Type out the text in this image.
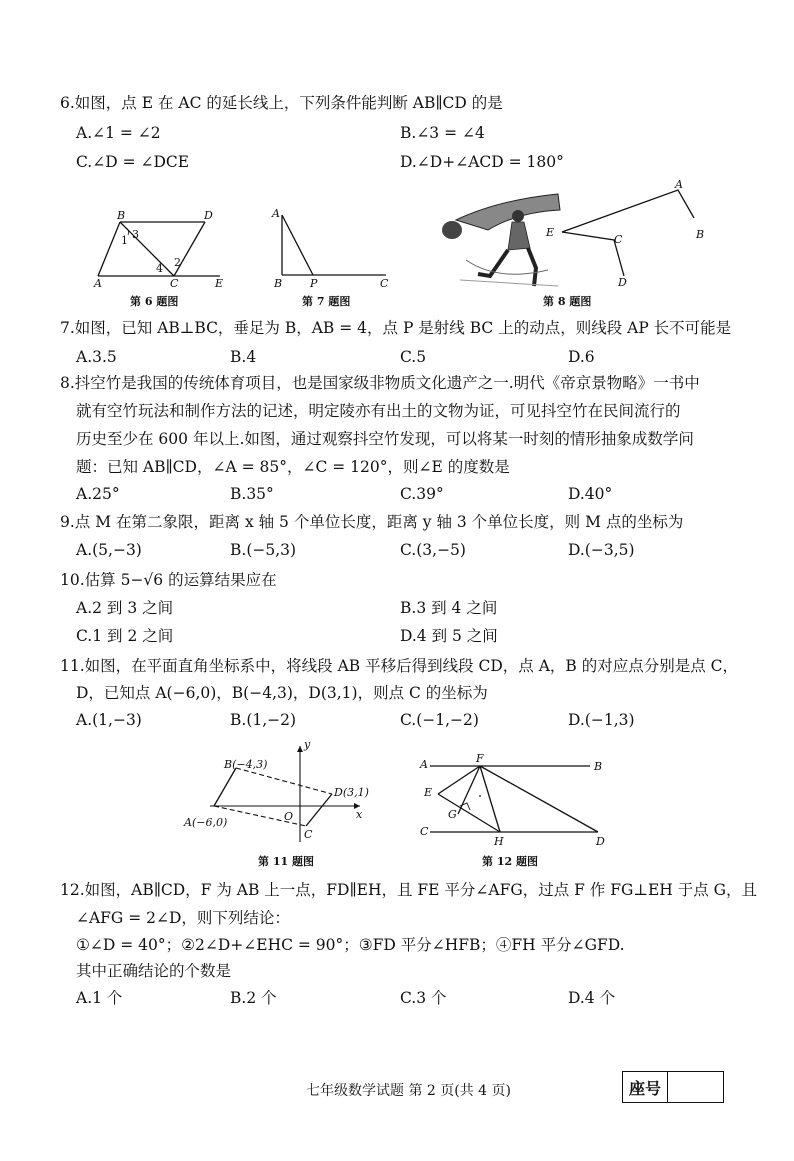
6.如图，点 E 在 AC 的延长线上，下列条件能判断 AB∥CD 的是
A.∠1 = ∠2	B.∠3 = ∠4
C.∠D = ∠DCE	D.∠D+∠ACD = 180°
B	D
A	C	E
1 3
2
4
第 6 题图
A
B	P	C
第 7 题图
A
B
E
C
D
第 8 题图
7.如图，已知 AB⊥BC，垂足为 B，AB = 4，点 P 是射线 BC 上的动点，则线段 AP 长不可能是
A.3.5	B.4	C.5	D.6
8.抖空竹是我国的传统体育项目，也是国家级非物质文化遗产之一.明代《帝京景物略》一书中
就有空竹玩法和制作方法的记述，明定陵亦有出土的文物为证，可见抖空竹在民间流行的
历史至少在 600 年以上.如图，通过观察抖空竹发现，可以将某一时刻的情形抽象成数学问
题：已知 AB∥CD，∠A = 85°，∠C = 120°，则∠E 的度数是
A.25°	B.35°	C.39°	D.40°
9.点 M 在第二象限，距离 x 轴 5 个单位长度，距离 y 轴 3 个单位长度，则 M 点的坐标为
A.(5,−3)	B.(−5,3)	C.(3,−5)	D.(−3,5)
10.估算 5−√6 的运算结果应在
A.2 到 3 之间	B.3 到 4 之间
C.1 到 2 之间	D.4 到 5 之间
11.如图，在平面直角坐标系中，将线段 AB 平移后得到线段 CD，点 A，B 的对应点分别是点 C，
D，已知点 A(−6,0)，B(−4,3)，D(3,1)，则点 C 的坐标为
A.(1,−3)	B.(1,−2)	C.(−1,−2)	D.(−1,3)
y
x
O
B(−4,3)
D(3,1)
A(−6,0)
C
第 11 题图
A	F
B
E
G
C
H	D
第 12 题图
12.如图，AB∥CD，F 为 AB 上一点，FD∥EH，且 FE 平分∠AFG，过点 F 作 FG⊥EH 于点 G，且
∠AFG = 2∠D，则下列结论：
①∠D = 40°；②2∠D+∠EHC = 90°；③FD 平分∠HFB；④FH 平分∠GFD.
其中正确结论的个数是
A.1 个	B.2 个	C.3 个	D.4 个
七年级数学试题 第 2 页(共 4 页)	座号
